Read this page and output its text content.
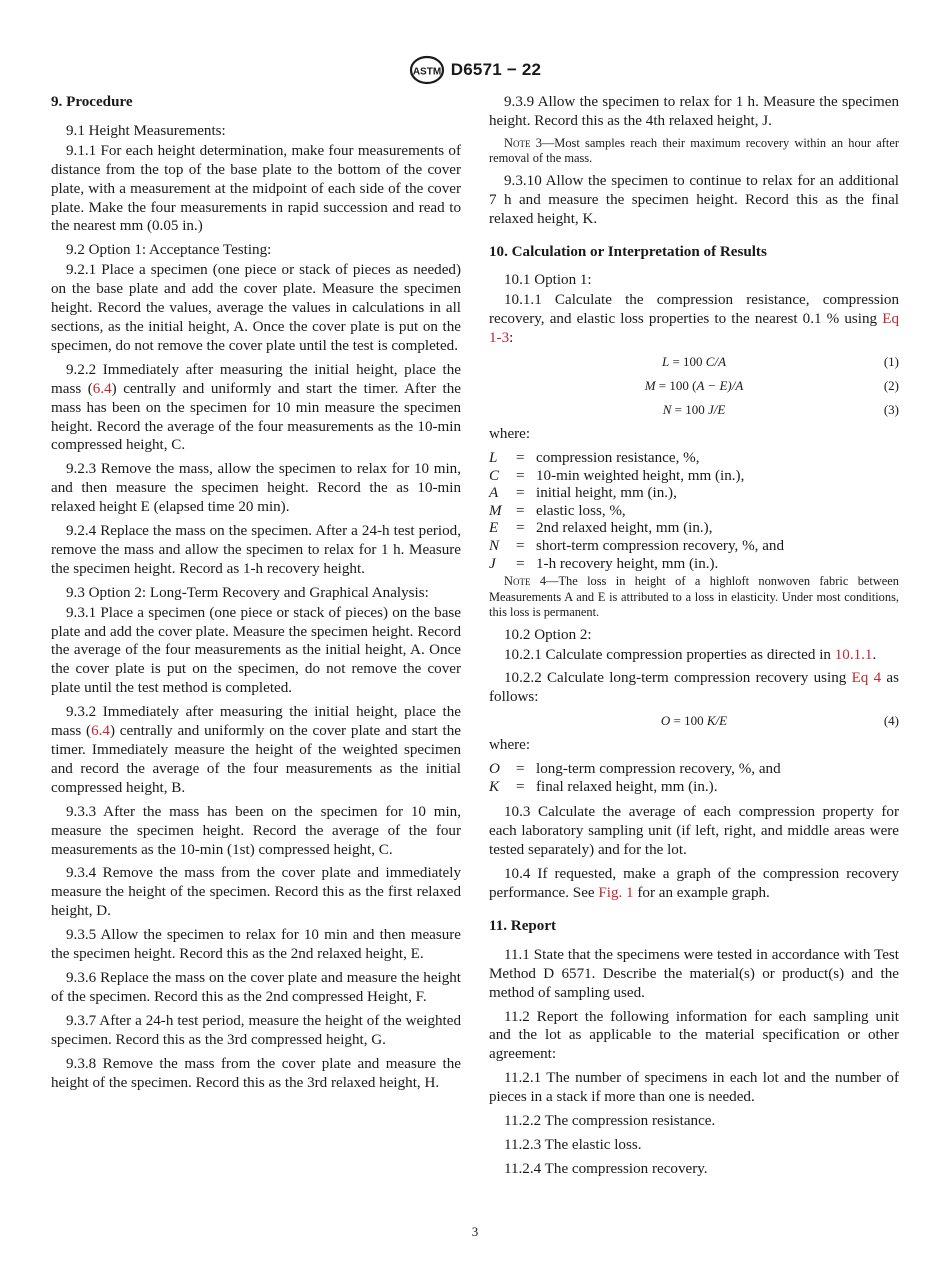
ASTM D6571 − 22
9. Procedure

9.1 Height Measurements:

9.1.1 For each height determination, make four measurements of distance from the top of the base plate to the bottom of the cover plate, with a measurement at the midpoint of each side of the cover plate. Make the four measurements in rapid succession and read to the nearest mm (0.05 in.)

9.2 Option 1: Acceptance Testing:

9.2.1 Place a specimen (one piece or stack of pieces as needed) on the base plate and add the cover plate. Measure the specimen height. Record the values, average the values in calculations in all sections, as the initial height, A. Once the cover plate is put on the specimen, do not remove the cover plate until the test is completed.

9.2.2 Immediately after measuring the initial height, place the mass (6.4) centrally and uniformly and start the timer. After the mass has been on the specimen for 10 min measure the specimen height. Record the average of the four measurements as the 10-min compressed height, C.

9.2.3 Remove the mass, allow the specimen to relax for 10 min, and then measure the specimen height. Record the as 10-min relaxed height E (elapsed time 20 min).

9.2.4 Replace the mass on the specimen. After a 24-h test period, remove the mass and allow the specimen to relax for 1 h. Measure the specimen height. Record as 1-h recovery height.

9.3 Option 2: Long-Term Recovery and Graphical Analysis:

9.3.1 Place a specimen (one piece or stack of pieces) on the base plate and add the cover plate. Measure the specimen height. Record the average of the four measurements as the initial height, A. Once the cover plate is put on the specimen, do not remove the cover plate until the test method is completed.

9.3.2 Immediately after measuring the initial height, place the mass (6.4) centrally and uniformly on the cover plate and start the timer. Immediately measure the height of the weighted specimen and record the average of the four measurements as the initial compressed height, B.

9.3.3 After the mass has been on the specimen for 10 min, measure the specimen height. Record the average of the four measurements as the 10-min (1st) compressed height, C.

9.3.4 Remove the mass from the cover plate and immediately measure the height of the specimen. Record this as the first relaxed height, D.

9.3.5 Allow the specimen to relax for 10 min and then measure the specimen height. Record this as the 2nd relaxed height, E.

9.3.6 Replace the mass on the cover plate and measure the height of the specimen. Record this as the 2nd compressed Height, F.

9.3.7 After a 24-h test period, measure the height of the weighted specimen. Record this as the 3rd compressed height, G.

9.3.8 Remove the mass from the cover plate and measure the height of the specimen. Record this as the 3rd relaxed height, H.

9.3.9 Allow the specimen to relax for 1 h. Measure the specimen height. Record this as the 4th relaxed height, J.

Note 3—Most samples reach their maximum recovery within an hour after removal of the mass.

9.3.10 Allow the specimen to continue to relax for an additional 7 h and measure the specimen height. Record this as the final relaxed height, K.

10. Calculation or Interpretation of Results

10.1 Option 1:

10.1.1 Calculate the compression resistance, compression recovery, and elastic loss properties to the nearest 0.1 % using Eq 1-3:

L = 100 C/A	(1)
M = 100 (A − E)/A	(2)
N = 100 J/E	(3)

where:

L	= compression resistance, %,
C	= 10-min weighted height, mm (in.),
A	= initial height, mm (in.),
M = elastic loss, %,
E	= 2nd relaxed height, mm (in.),
N	= short-term compression recovery, %, and
J	= 1-h recovery height, mm (in.).

Note 4—The loss in height of a highloft nonwoven fabric between Measurements A and E is attributed to a loss in elasticity. Under most conditions, this loss is permanent.

10.2 Option 2:

10.2.1 Calculate compression properties as directed in 10.1.1.

10.2.2 Calculate long-term compression recovery using Eq 4 as follows:

O = 100 K/E	(4)

where:

O	= long-term compression recovery, %, and
K	= final relaxed height, mm (in.).

10.3 Calculate the average of each compression property for each laboratory sampling unit (if left, right, and middle areas were tested separately) and for the lot.

10.4 If requested, make a graph of the compression recovery performance. See Fig. 1 for an example graph.

11. Report

11.1 State that the specimens were tested in accordance with Test Method D 6571. Describe the material(s) or product(s) and the method of sampling used.

11.2 Report the following information for each sampling unit and the lot as applicable to the material specification or other agreement:

11.2.1 The number of specimens in each lot and the number of pieces in a stack if more than one is needed.

11.2.2 The compression resistance.

11.2.3 The elastic loss.

11.2.4 The compression recovery.

3
